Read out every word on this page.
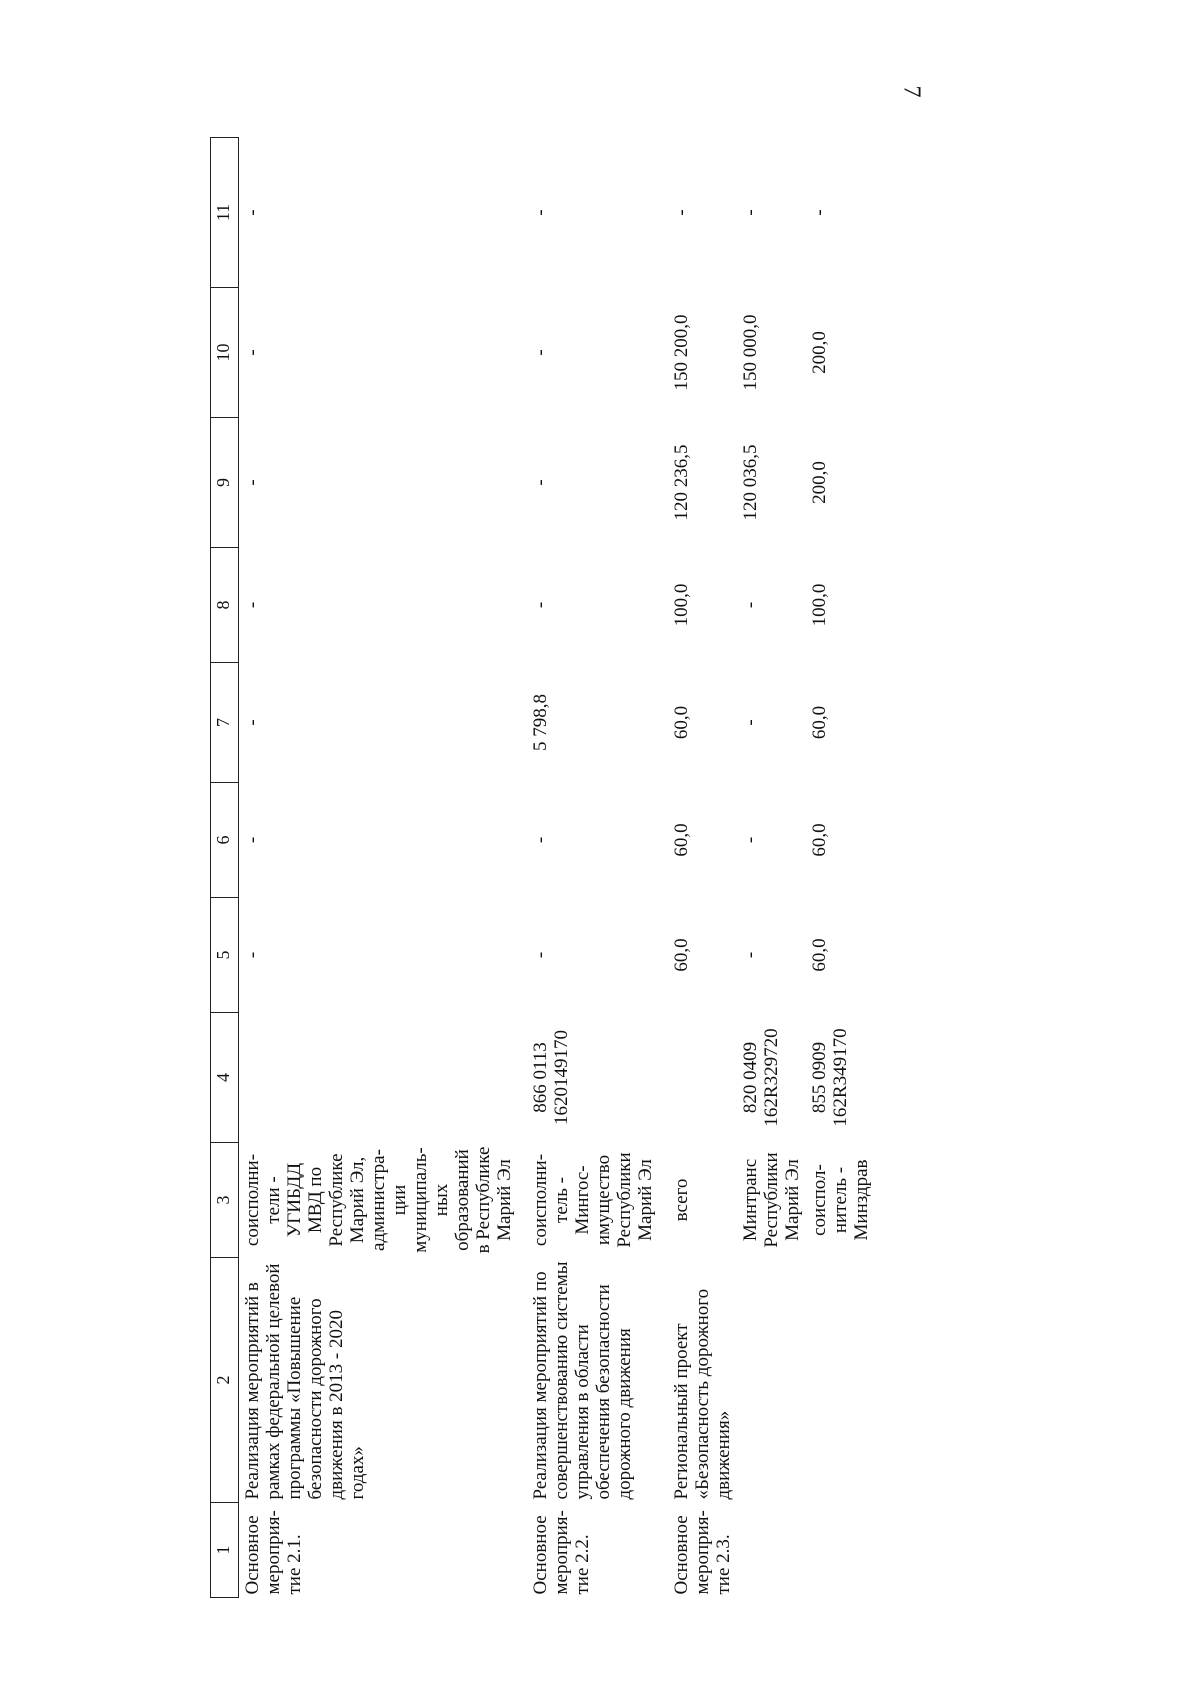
7
1	2	3	4	5	6	7	8	9	10	11
Основное мероприя-тие 2.1.	Реализация мероприятий в рамках федеральной целевой программы «Повышение безопасности дорожного движения в 2013 - 2020 годах»	соисполни-тели - УГИБДД МВД по Республике Марий Эл, администра-ции муниципаль-ных образований в Республике Марий Эл		-	-	-	-	-	-	-
Основное мероприя-тие 2.2.	Реализация мероприятий по совершенствованию системы управления в области обеспечения безопасности дорожного движения	соисполни-тель - Мингос-имущество Республики Марий Эл	866 0113 1620149170	-	-	5 798,8	-	-	-	-
Основное мероприя-тие 2.3.	Региональный проект «Безопасность дорожного движения»	всего		60,0	60,0	60,0	100,0	120 236,5	150 200,0	-
		Минтранс Республики Марий Эл	820 0409 162R329720	-	-	-	-	120 036,5	150 000,0	-
		соиспол-нитель - Минздрав	855 0909 162R349170	60,0	60,0	60,0	100,0	200,0	200,0	-
